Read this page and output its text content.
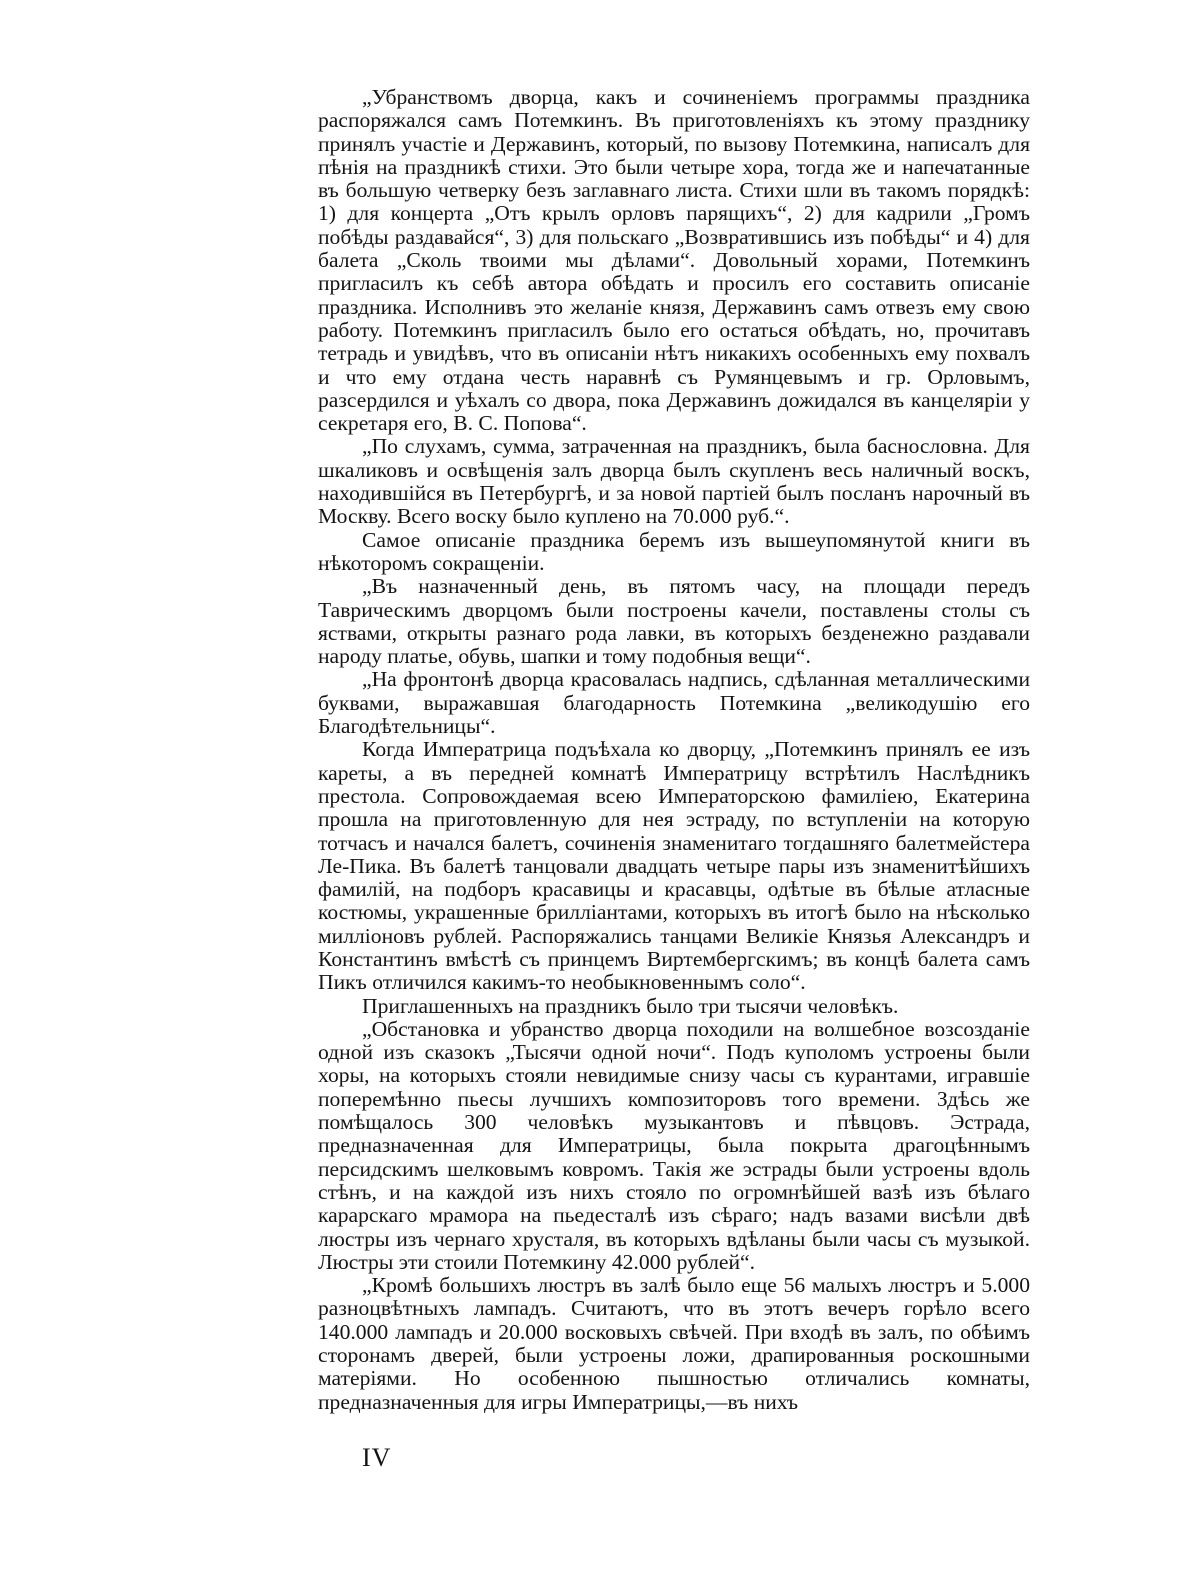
„Убранствомъ дворца, какъ и сочиненіемъ программы праздника распоряжался самъ Потемкинъ. Въ приготовленіяхъ къ этому празднику принялъ участіе и Державинъ, который, по вызову Потемкина, написалъ для пѣнія на праздникѣ стихи. Это были четыре хора, тогда же и напечатанные въ большую четверку безъ заглавнаго листа. Стихи шли въ такомъ порядкѣ: 1) для концерта „Отъ крылъ орловъ парящихъ“, 2) для кадрили „Громъ побѣды раздавайся“, 3) для польскаго „Возвратившись изъ побѣды“ и 4) для балета „Сколь твоими мы дѣлами“. Довольный хорами, Потемкинъ пригласилъ къ себѣ автора обѣдать и просилъ его составить описаніе праздника. Исполнивъ это желаніе князя, Державинъ самъ отвезъ ему свою работу. Потемкинъ пригласилъ было его остаться обѣдать, но, прочитавъ тетрадь и увидѣвъ, что въ описаніи нѣтъ никакихъ особенныхъ ему похвалъ и что ему отдана честь наравнѣ съ Румянцевымъ и гр. Орловымъ, разсердился и уѣхалъ со двора, пока Державинъ дожидался въ канцеляріи у секретаря его, В. С. Попова“.

„По слухамъ, сумма, затраченная на праздникъ, была баснословна. Для шкаликовъ и освѣщенія залъ дворца былъ скупленъ весь наличный воскъ, находившійся въ Петербургѣ, и за новой партіей былъ посланъ нарочный въ Москву. Всего воску было куплено на 70.000 руб.“.

Самое описаніе праздника беремъ изъ вышеупомянутой книги въ нѣкоторомъ сокращеніи.

„Въ назначенный день, въ пятомъ часу, на площади передъ Таврическимъ дворцомъ были построены качели, поставлены столы съ яствами, открыты разнаго рода лавки, въ которыхъ безденежно раздавали народу платье, обувь, шапки и тому подобныя вещи“.

„На фронтонѣ дворца красовалась надпись, сдѣланная металлическими буквами, выражавшая благодарность Потемкина „великодушію его Благодѣтельницы“.

Когда Императрица подъѣхала ко дворцу, „Потемкинъ принялъ ее изъ кареты, а въ передней комнатѣ Императрицу встрѣтилъ Наслѣдникъ престола. Сопровождаемая всею Императорскою фамиліею, Екатерина прошла на приготовленную для нея эстраду, по вступленіи на которую тотчасъ и начался балетъ, сочиненія знаменитаго тогдашняго балетмейстера Ле-Пика. Въ балетѣ танцовали двадцать четыре пары изъ знаменитѣйшихъ фамилій, на подборъ красавицы и красавцы, одѣтые въ бѣлые атласные костюмы, украшенные брилліантами, которыхъ въ итогѣ было на нѣсколько милліоновъ рублей. Распоряжались танцами Великіе Князья Александръ и Константинъ вмѣстѣ съ принцемъ Виртембергскимъ; въ концѣ балета самъ Пикъ отличился какимъ-то необыкновеннымъ соло“.

Приглашенныхъ на праздникъ было три тысячи человѣкъ.

„Обстановка и убранство дворца походили на волшебное возсозданіе одной изъ сказокъ „Тысячи одной ночи“. Подъ куполомъ устроены были хоры, на которыхъ стояли невидимые снизу часы съ курантами, игравшіе поперемѣнно пьесы лучшихъ композиторовъ того времени. Здѣсь же помѣщалось 300 человѣкъ музыкантовъ и пѣвцовъ. Эстрада, предназначенная для Императрицы, была покрыта драгоцѣннымъ персидскимъ шелковымъ ковромъ. Такія же эстрады были устроены вдоль стѣнъ, и на каждой изъ нихъ стояло по огромнѣйшей вазѣ изъ бѣлаго карарскаго мрамора на пьедесталѣ изъ сѣраго; надъ вазами висѣли двѣ люстры изъ чернаго хрусталя, въ которыхъ вдѣланы были часы съ музыкой. Люстры эти стоили Потемкину 42.000 рублей“.

„Кромѣ большихъ люстръ въ залѣ было еще 56 малыхъ люстръ и 5.000 разноцвѣтныхъ лампадъ. Считаютъ, что въ этотъ вечеръ горѣло всего 140.000 лампадъ и 20.000 восковыхъ свѣчей. При входѣ въ залъ, по обѣимъ сторонамъ дверей, были устроены ложи, драпированныя роскошными матеріями. Но особенною пышностью отличались комнаты, предназначенныя для игры Императрицы,—въ нихъ

IV
